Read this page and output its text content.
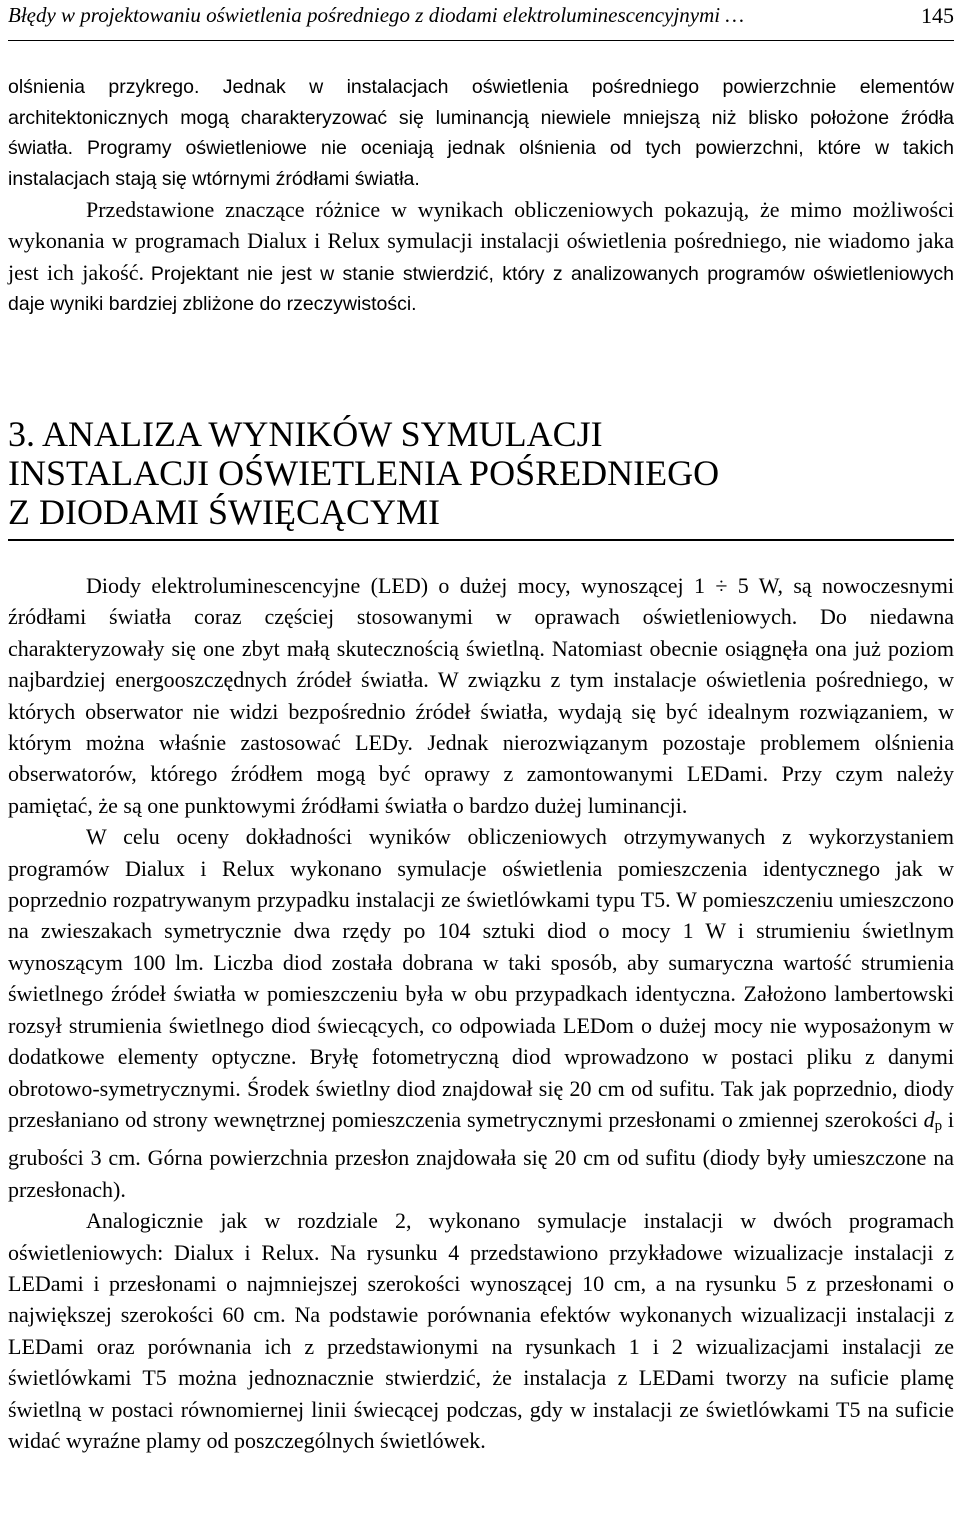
Błędy w projektowaniu oświetlenia pośredniego z diodami elektroluminescencyjnymi …	145

olśnienia przykrego. Jednak w instalacjach oświetlenia pośredniego powierzchnie elementów architektonicznych mogą charakteryzować się luminancją niewiele mniejszą niż blisko położone źródła światła. Programy oświetleniowe nie oceniają jednak olśnienia od tych powierzchni, które w takich instalacjach stają się wtórnymi źródłami światła.

Przedstawione znaczące różnice w wynikach obliczeniowych pokazują, że mimo możliwości wykonania w programach Dialux i Relux symulacji instalacji oświetlenia pośredniego, nie wiadomo jaka jest ich jakość. Projektant nie jest w stanie stwierdzić, który z analizowanych programów oświetleniowych daje wyniki bardziej zbliżone do rzeczywistości.

3. ANALIZA WYNIKÓW SYMULACJI
INSTALACJI OŚWIETLENIA POŚREDNIEGO
Z DIODAMI ŚWIĘCĄCYMI

Diody elektroluminescencyjne (LED) o dużej mocy, wynoszącej 1 ÷ 5 W, są nowoczesnymi źródłami światła coraz częściej stosowanymi w oprawach oświetleniowych. Do niedawna charakteryzowały się one zbyt małą skutecznością świetlną. Natomiast obecnie osiągnęła ona już poziom najbardziej energooszczędnych źródeł światła. W związku z tym instalacje oświetlenia pośredniego, w których obserwator nie widzi bezpośrednio źródeł światła, wydają się być idealnym rozwiązaniem, w którym można właśnie zastosować LEDy. Jednak nierozwiązanym pozostaje problemem olśnienia obserwatorów, którego źródłem mogą być oprawy z zamontowanymi LEDami. Przy czym należy pamiętać, że są one punktowymi źródłami światła o bardzo dużej luminancji.

W celu oceny dokładności wyników obliczeniowych otrzymywanych z wykorzystaniem programów Dialux i Relux wykonano symulacje oświetlenia pomieszczenia identycznego jak w poprzednio rozpatrywanym przypadku instalacji ze świetlówkami typu T5. W pomieszczeniu umieszczono na zwieszakach symetrycznie dwa rzędy po 104 sztuki diod o mocy 1 W i strumieniu świetlnym wynoszącym 100 lm. Liczba diod została dobrana w taki sposób, aby sumaryczna wartość strumienia świetlnego źródeł światła w pomieszczeniu była w obu przypadkach identyczna. Założono lambertowski rozsył strumienia świetlnego diod świecących, co odpowiada LEDom o dużej mocy nie wyposażonym w dodatkowe elementy optyczne. Bryłę fotometryczną diod wprowadzono w postaci pliku z danymi obrotowo-symetrycznymi. Środek świetlny diod znajdował się 20 cm od sufitu. Tak jak poprzednio, diody przesłaniano od strony wewnętrznej pomieszczenia symetrycznymi przesłonami o zmiennej szerokości $d_p$ i grubości 3 cm. Górna powierzchnia przesłon znajdowała się 20 cm od sufitu (diody były umieszczone na przesłonach).

Analogicznie jak w rozdziale 2, wykonano symulacje instalacji w dwóch programach oświetleniowych: Dialux i Relux. Na rysunku 4 przedstawiono przykładowe wizualizacje instalacji z LEDami i przesłonami o najmniejszej szerokości wynoszącej 10 cm, a na rysunku 5 z przesłonami o największej szerokości 60 cm. Na podstawie porównania efektów wykonanych wizualizacji instalacji z LEDami oraz porównania ich z przedstawionymi na rysunkach 1 i 2 wizualizacjami instalacji ze świetlówkami T5 można jednoznacznie stwierdzić, że instalacja z LEDami tworzy na suficie plamę świetlną w postaci równomiernej linii świecącej podczas, gdy w instalacji ze świetlówkami T5 na suficie widać wyraźne plamy od poszczególnych świetlówek.
